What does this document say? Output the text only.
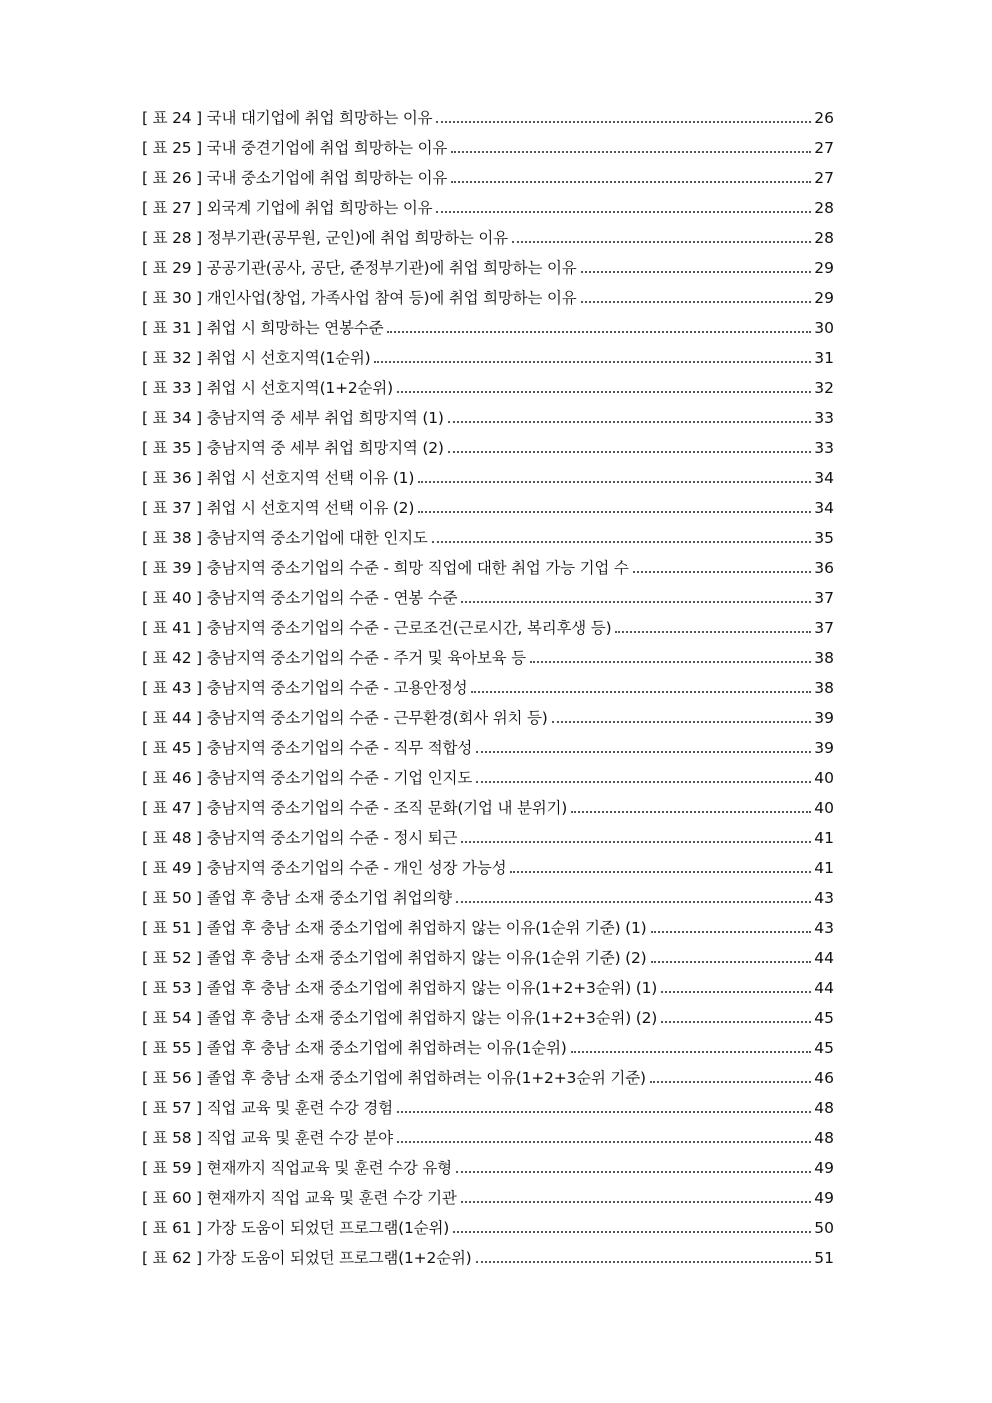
[ 표 24 ] 국내 대기업에 취업 희망하는 이유	26
[ 표 25 ] 국내 중견기업에 취업 희망하는 이유	27
[ 표 26 ] 국내 중소기업에 취업 희망하는 이유	27
[ 표 27 ] 외국계 기업에 취업 희망하는 이유	28
[ 표 28 ] 정부기관(공무원, 군인)에 취업 희망하는 이유	28
[ 표 29 ] 공공기관(공사, 공단, 준정부기관)에 취업 희망하는 이유	29
[ 표 30 ] 개인사업(창업, 가족사업 참여 등)에 취업 희망하는 이유	29
[ 표 31 ] 취업 시 희망하는 연봉수준	30
[ 표 32 ] 취업 시 선호지역(1순위)	31
[ 표 33 ] 취업 시 선호지역(1+2순위)	32
[ 표 34 ] 충남지역 중 세부 취업 희망지역 (1)	33
[ 표 35 ] 충남지역 중 세부 취업 희망지역 (2)	33
[ 표 36 ] 취업 시 선호지역 선택 이유 (1)	34
[ 표 37 ] 취업 시 선호지역 선택 이유 (2)	34
[ 표 38 ] 충남지역 중소기업에 대한 인지도	35
[ 표 39 ] 충남지역 중소기업의 수준 - 희망 직업에 대한 취업 가능 기업 수	36
[ 표 40 ] 충남지역 중소기업의 수준 - 연봉 수준	37
[ 표 41 ] 충남지역 중소기업의 수준 - 근로조건(근로시간, 복리후생 등)	37
[ 표 42 ] 충남지역 중소기업의 수준 - 주거 및 육아보육 등	38
[ 표 43 ] 충남지역 중소기업의 수준 - 고용안정성	38
[ 표 44 ] 충남지역 중소기업의 수준 - 근무환경(회사 위치 등)	39
[ 표 45 ] 충남지역 중소기업의 수준 - 직무 적합성	39
[ 표 46 ] 충남지역 중소기업의 수준 - 기업 인지도	40
[ 표 47 ] 충남지역 중소기업의 수준 - 조직 문화(기업 내 분위기)	40
[ 표 48 ] 충남지역 중소기업의 수준 - 정시 퇴근	41
[ 표 49 ] 충남지역 중소기업의 수준 - 개인 성장 가능성	41
[ 표 50 ] 졸업 후 충남 소재 중소기업 취업의향	43
[ 표 51 ] 졸업 후 충남 소재 중소기업에 취업하지 않는 이유(1순위 기준) (1)	43
[ 표 52 ] 졸업 후 충남 소재 중소기업에 취업하지 않는 이유(1순위 기준) (2)	44
[ 표 53 ] 졸업 후 충남 소재 중소기업에 취업하지 않는 이유(1+2+3순위) (1)	44
[ 표 54 ] 졸업 후 충남 소재 중소기업에 취업하지 않는 이유(1+2+3순위) (2)	45
[ 표 55 ] 졸업 후 충남 소재 중소기업에 취업하려는 이유(1순위)	45
[ 표 56 ] 졸업 후 충남 소재 중소기업에 취업하려는 이유(1+2+3순위 기준)	46
[ 표 57 ] 직업 교육 및 훈련 수강 경험	48
[ 표 58 ] 직업 교육 및 훈련 수강 분야	48
[ 표 59 ] 현재까지 직업교육 및 훈련 수강 유형	49
[ 표 60 ] 현재까지 직업 교육 및 훈련 수강 기관	49
[ 표 61 ] 가장 도움이 되었던 프로그램(1순위)	50
[ 표 62 ] 가장 도움이 되었던 프로그램(1+2순위)	51
